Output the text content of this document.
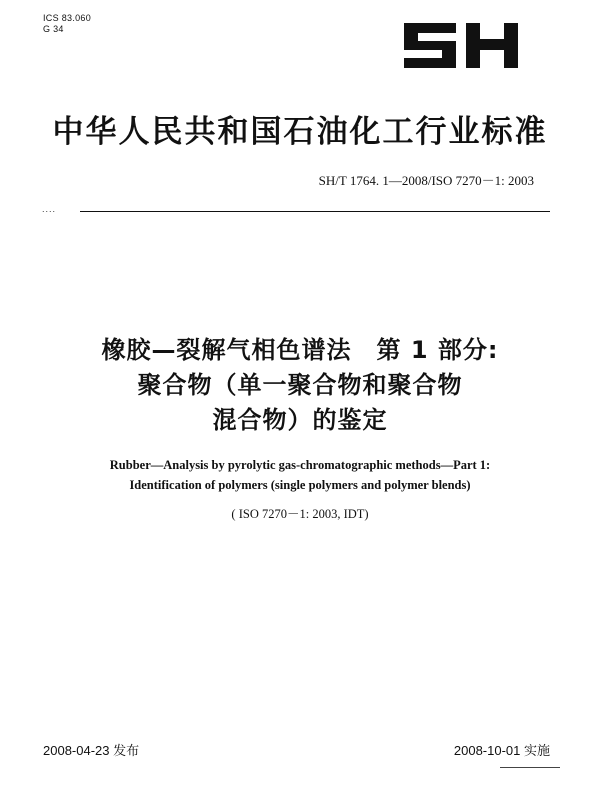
ICS 83.060
G 34
中华人民共和国石油化工行业标准
SH/T 1764. 1—2008/ISO 7270－1: 2003
....
橡胶—裂解气相色谱法　第 1 部分:
聚合物（单一聚合物和聚合物
混合物）的鉴定
Rubber—Analysis by pyrolytic gas-chromatographic methods—Part 1:
Identification of polymers (single polymers and polymer blends)
( ISO 7270－1: 2003, IDT)
2008-04-23 发布	2008-10-01 实施
